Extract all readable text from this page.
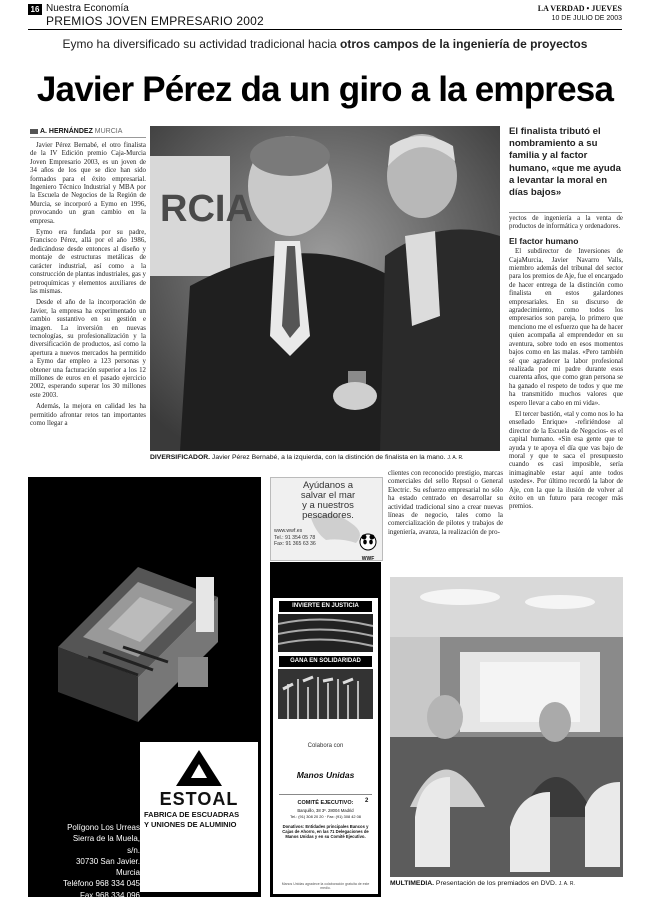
16 Nuestra Economía
PREMIOS JOVEN EMPRESARIO 2002
LA VERDAD • JUEVES
10 DE JULIO DE 2003
Eymo ha diversificado su actividad tradicional hacia otros campos de la ingeniería de proyectos
Javier Pérez da un giro a la empresa
A. HERNÁNDEZ MURCIA

Javier Pérez Bernabé, el otro finalista de la IV Edición premio Caja-Murcia Joven Empresario 2003, es un joven de 34 años de los que se dice han sido formados para el éxito empresarial. Ingeniero Técnico Industrial y MBA por la Escuela de Negocios de la Región de Murcia, se incorporó a Eymo en 1996, provocando un gran cambio en la empresa.

Eymo era fundada por su padre, Francisco Pérez, allá por el año 1986, dedicándose desde entonces al diseño y montaje de estructuras metálicas de carácter industrial, así como a la construcción de plantas industriales, gas y petroquímicas y elementos auxiliares de las mismas.

Desde el año de la incorporación de Javier, la empresa ha experimentado un cambio sustantivo en su gestión e imagen. La inversión en nuevas tecnologías, su profesionalización y la diversificación de productos, así como la apertura a nuevos mercados ha permitido a Eymo dar empleo a 123 personas y obtener una facturación superior a los 12 millones de euros en el pasado ejercicio 2002, esperando superar los 30 millones este 2003.

Además, la mejora en calidad les ha permitido afrontar retos tan importantes como llegar a

RCIA
DIVERSIFICADOR. Javier Pérez Bernabé, a la izquierda, con la distinción de finalista en la mano. J. A. R.
El finalista tributó el nombramiento a su familia y al factor humano, «que me ayuda a levantar la moral en días bajos»

yectos de ingeniería a la venta de productos de informática y ordenadores.

El factor humano

El subdirector de Inversiones de CajaMurcia, Javier Navarro Valls, miembro además del tribunal del sector para los premios de Aje, fue el encargado de hacer entrega de la distinción como finalista en estos galardones empresariales. En su discurso de agradecimiento, como todos los empresarios son pareja, lo primero que menciono me el esfuerzo que ha de hacer quien acompaña al emprendedor en su aventura, sobre todo en esos momentos bajos como en las malas. «Pero también sé que agradecer la labor profesional realizada por mi padre durante esos cuarenta años, que como gran persona se ha ganado el respeto de todos y que me ha transmitido muchos valores que espero llevar a cabo en mi vida».

El tercer bastión, «tal y como nos lo ha enseñado Enrique» -refiriéndose al director de la Escuela de Negocios- es el capital humano. «Sin esa gente que te ayuda y te apoya el día que vas bajo de moral y que te saca el presupuesto cuando es casi imposible, sería inimaginable estar aquí ante todos ustedes». Por último recordó la labor de Aje, con la que la ilusión de volver al éxito en un futuro para recoger más premios.

clientes con reconocido prestigio, marcas comerciales del sello Repsol o General Electric. Su esfuerzo empresarial no sólo ha estado centrado en desarrollar su actividad tradicional sino a crear nuevas líneas de negocio, tales como la comercialización de pilotes y trabajos de ingeniería, avanza, la realización de pro-

ESTOAL
FABRICA DE ESCUADRAS
Y UNIONES DE ALUMINIO
Polígono Los Urreas
Sierra de la Muela, s/n.
30730 San Javier. Murcia
Teléfono 968 334 045
Fax 968 334 096
www.estoal.com
Ayúdanos a
salvar el mar
y a nuestros
pescadores.
www.wwf.es
Tel.: 91 354 05 78
Fax: 91 365 63 36
WWF
INVIERTE EN JUSTICIA
GANA EN SOLIDARIDAD
Colabora con
Manos Unidas
COMITÉ EJECUTIVO:	2
Barquillo, 38 3º. 28004 Madrid
Tel.: (91) 308 20 20 · Fax: (91) 308 42 08
Donativos: Entidades principales Bancos y Cajas de Ahorro, en las 71 Delegaciones de Manos Unidas y en su Comité Ejecutivo.
Manos Unidas agradece la colaboración gratuita de este medio.
MULTIMEDIA. Presentación de los premiados en DVD. J. A. R.
